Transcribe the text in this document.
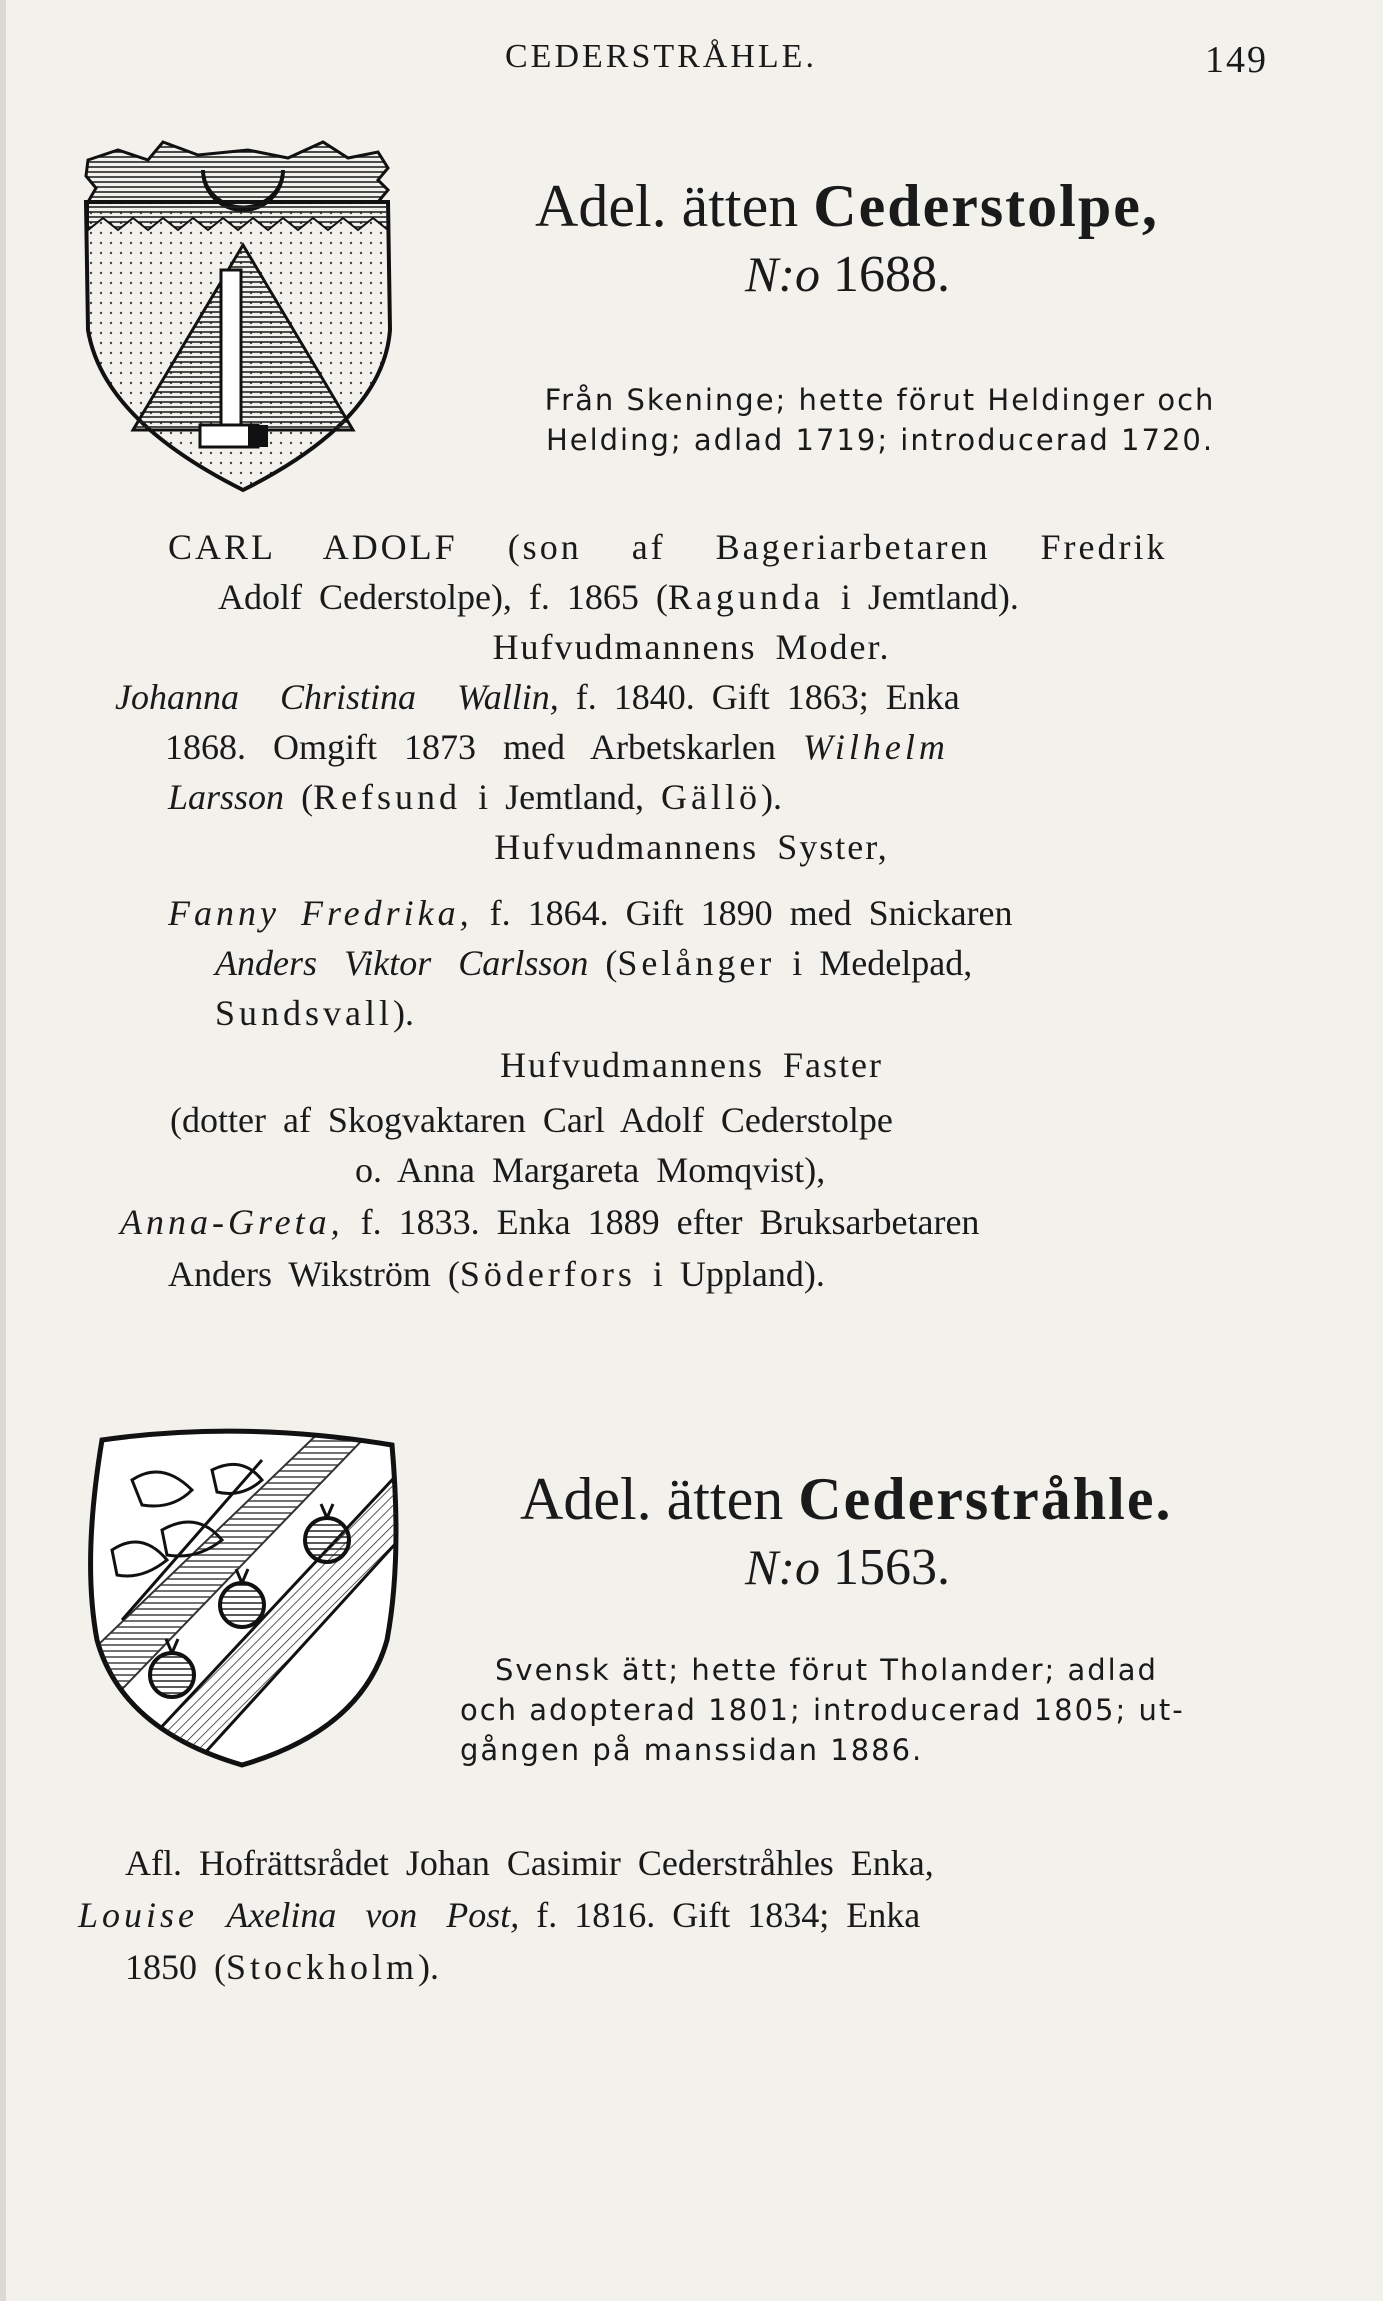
CEDERSTRÅHLE.	149
Adel. ätten Cederstolpe,
N:o 1688.
Från Skeninge; hette förut Heldinger och
Helding; adlad 1719; introducerad 1720.
CARL ADOLF (son af Bageriarbetaren Fredrik
Adolf Cederstolpe), f. 1865 (Ragunda i Jemtland).
Hufvudmannens Moder.
Johanna Christina Wallin, f. 1840. Gift 1863; Enka
1868. Omgift 1873 med Arbetskarlen Wilhelm
Larsson (Refsund i Jemtland, Gällö).
Hufvudmannens Syster,
Fanny Fredrika, f. 1864. Gift 1890 med Snickaren
Anders Viktor Carlsson (Selånger i Medelpad,
Sundsvall).
Hufvudmannens Faster
(dotter af Skogvaktaren Carl Adolf Cederstolpe
o. Anna Margareta Momqvist),
Anna-Greta, f. 1833. Enka 1889 efter Bruksarbetaren
Anders Wikström (Söderfors i Uppland).
Adel. ätten Cederstråhle.
N:o 1563.
Svensk ätt; hette förut Tholander; adlad
och adopterad 1801; introducerad 1805; ut-
gången på manssidan 1886.
Afl. Hofrättsrådet Johan Casimir Cederstråhles Enka,
Louise Axelina von Post, f. 1816. Gift 1834; Enka
1850 (Stockholm).
